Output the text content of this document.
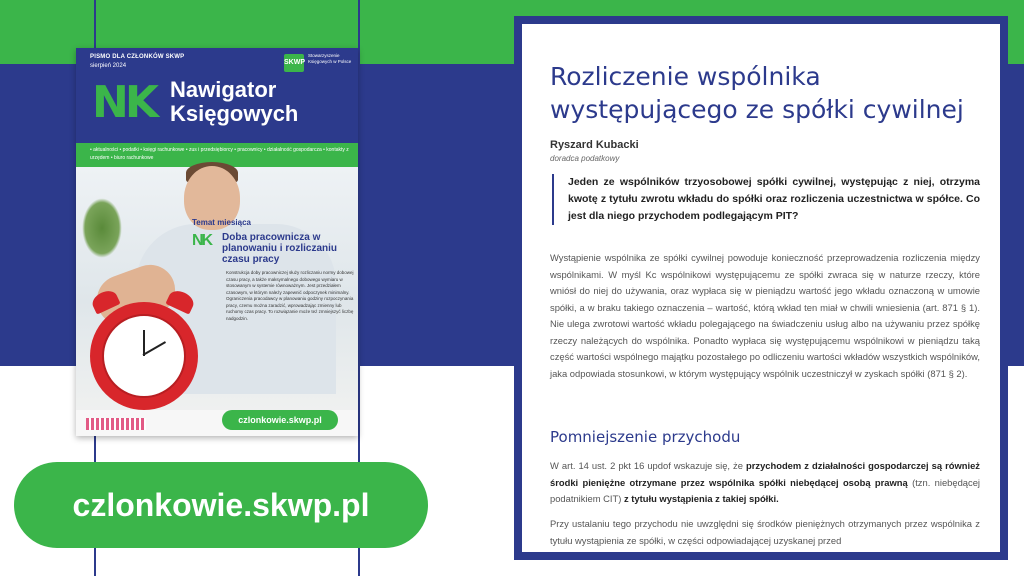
PISMO DLA CZŁONKÓW SKWP
sierpień 2024	SKWP
Stowarzyszenie Księgowych w Polsce
NK Nawigator
Księgowych
• aktualności • podatki • księgi rachunkowe • zus i przedsiębiorcy • pracownicy • działalność gospodarcza • kontakty z urzędem • biuro rachunkowe
Temat miesiąca
NK Doba pracownicza w planowaniu i rozliczaniu czasu pracy
Konstrukcja doby pracowniczej służy rozliczaniu normy dobowej czasu pracy, a także maksymalnego dobowego wymiaru w stosowanym w systemie równoważnym. Jest przedziałem czasowym, w którym należy zapewnić odpoczynek minimalny. Ograniczenia pracodawcy w planowaniu godziny rozpoczynania pracy, czemu można zaradzić, wprowadzając zmienny lub ruchomy czas pracy. To rozwiązanie może też zmniejszyć liczbę nadgodzin.
czlonkowie.skwp.pl
czlonkowie.skwp.pl
Rozliczenie wspólnika występującego ze spółki cywilnej
Ryszard Kubacki
doradca podatkowy
Jeden ze wspólników trzyosobowej spółki cywilnej, występując z niej, otrzyma kwotę z tytułu zwrotu wkładu do spółki oraz rozliczenia uczestnictwa w spółce. Co jest dla niego przychodem podlegającym PIT?
Wystąpienie wspólnika ze spółki cywilnej powoduje konieczność przeprowadzenia rozliczenia między wspólnikami. W myśl Kc wspólnikowi występującemu ze spółki zwraca się w naturze rzeczy, które wniósł do niej do używania, oraz wypłaca się w pieniądzu wartość jego wkładu oznaczoną w umowie spółki, a w braku takiego oznaczenia – wartość, którą wkład ten miał w chwili wniesienia (art. 871 § 1). Nie ulega zwrotowi wartość wkładu polegającego na świadczeniu usług albo na używaniu przez spółkę rzeczy należących do wspólnika. Ponadto wypłaca się występującemu wspólnikowi w pieniądzu taką część wartości wspólnego majątku pozostałego po odliczeniu wartości wkładów wszystkich wspólników, jaka odpowiada stosunkowi, w którym występujący wspólnik uczestniczył w zyskach spółki (871 § 2).
Pomniejszenie przychodu
W art. 14 ust. 2 pkt 16 updof wskazuje się, że przychodem z działalności gospodarczej są również środki pieniężne otrzymane przez wspólnika spółki niebędącej osobą prawną (tzn. niebędącej podatnikiem CIT) z tytułu wystąpienia z takiej spółki.
Przy ustalaniu tego przychodu nie uwzględni się środków pieniężnych otrzymanych przez wspólnika z tytułu wystąpienia ze spółki, w części odpowiadającej uzyskanej przed
